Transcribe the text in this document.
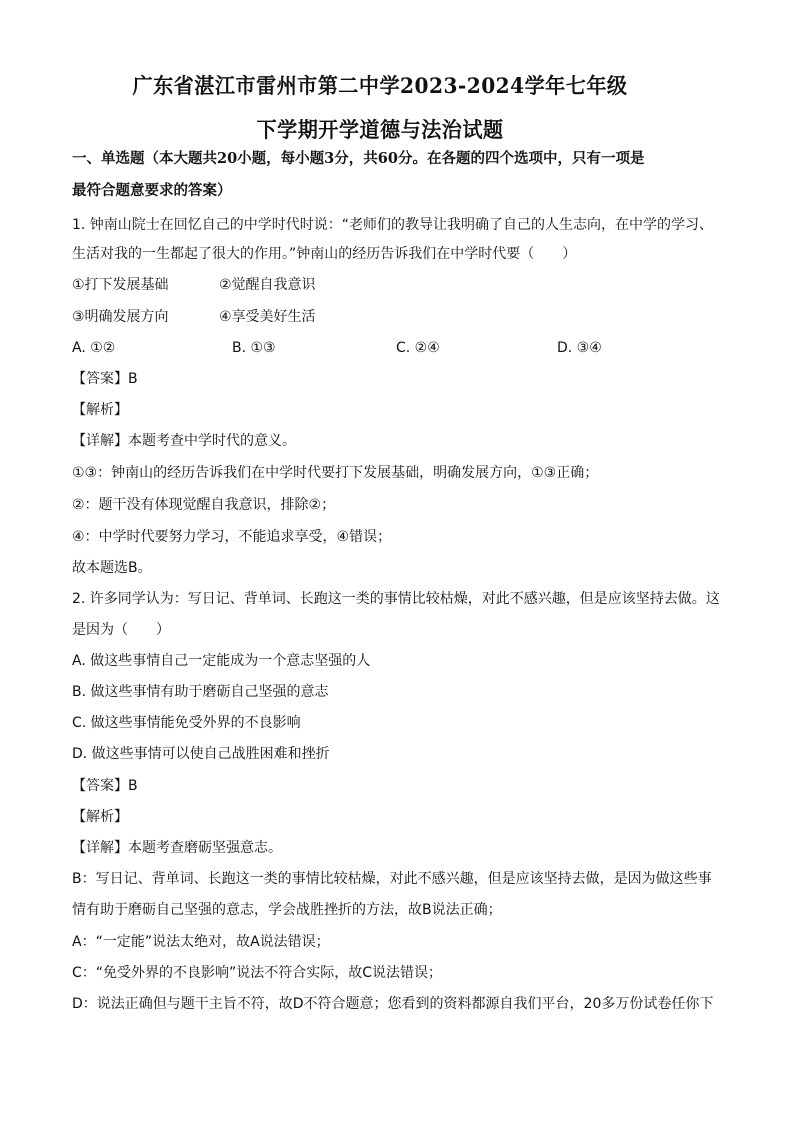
广东省湛江市雷州市第二中学2023-2024学年七年级
下学期开学道德与法治试题
一、单选题（本大题共20小题，每小题3分，共60分。在各题的四个选项中，只有一项是
最符合题意要求的答案）
1. 钟南山院士在回忆自己的中学时代时说：“老师们的教导让我明确了自己的人生志向，在中学的学习、
生活对我的一生都起了很大的作用。”钟南山的经历告诉我们在中学时代要（　　）
①打下发展基础	②觉醒自我意识
③明确发展方向	④享受美好生活
A. ①②	B. ①③	C. ②④	D. ③④
【答案】B
【解析】
【详解】本题考查中学时代的意义。
①③：钟南山的经历告诉我们在中学时代要打下发展基础，明确发展方向，①③正确；
②：题干没有体现觉醒自我意识，排除②；
④：中学时代要努力学习，不能追求享受，④错误；
故本题选B。
2. 许多同学认为：写日记、背单词、长跑这一类的事情比较枯燥，对此不感兴趣，但是应该坚持去做。这
是因为（　　）
A. 做这些事情自己一定能成为一个意志坚强的人
B. 做这些事情有助于磨砺自己坚强的意志
C. 做这些事情能免受外界的不良影响
D. 做这些事情可以使自己战胜困难和挫折
【答案】B
【解析】
【详解】本题考查磨砺坚强意志。
B：写日记、背单词、长跑这一类的事情比较枯燥，对此不感兴趣，但是应该坚持去做，是因为做这些事
情有助于磨砺自己坚强的意志，学会战胜挫折的方法，故B说法正确；
A：“一定能”说法太绝对，故A说法错误；
C：“免受外界的不良影响”说法不符合实际，故C说法错误；
D：说法正确但与题干主旨不符，故D不符合题意；您看到的资料都源自我们平台，20多万份试卷任你下
